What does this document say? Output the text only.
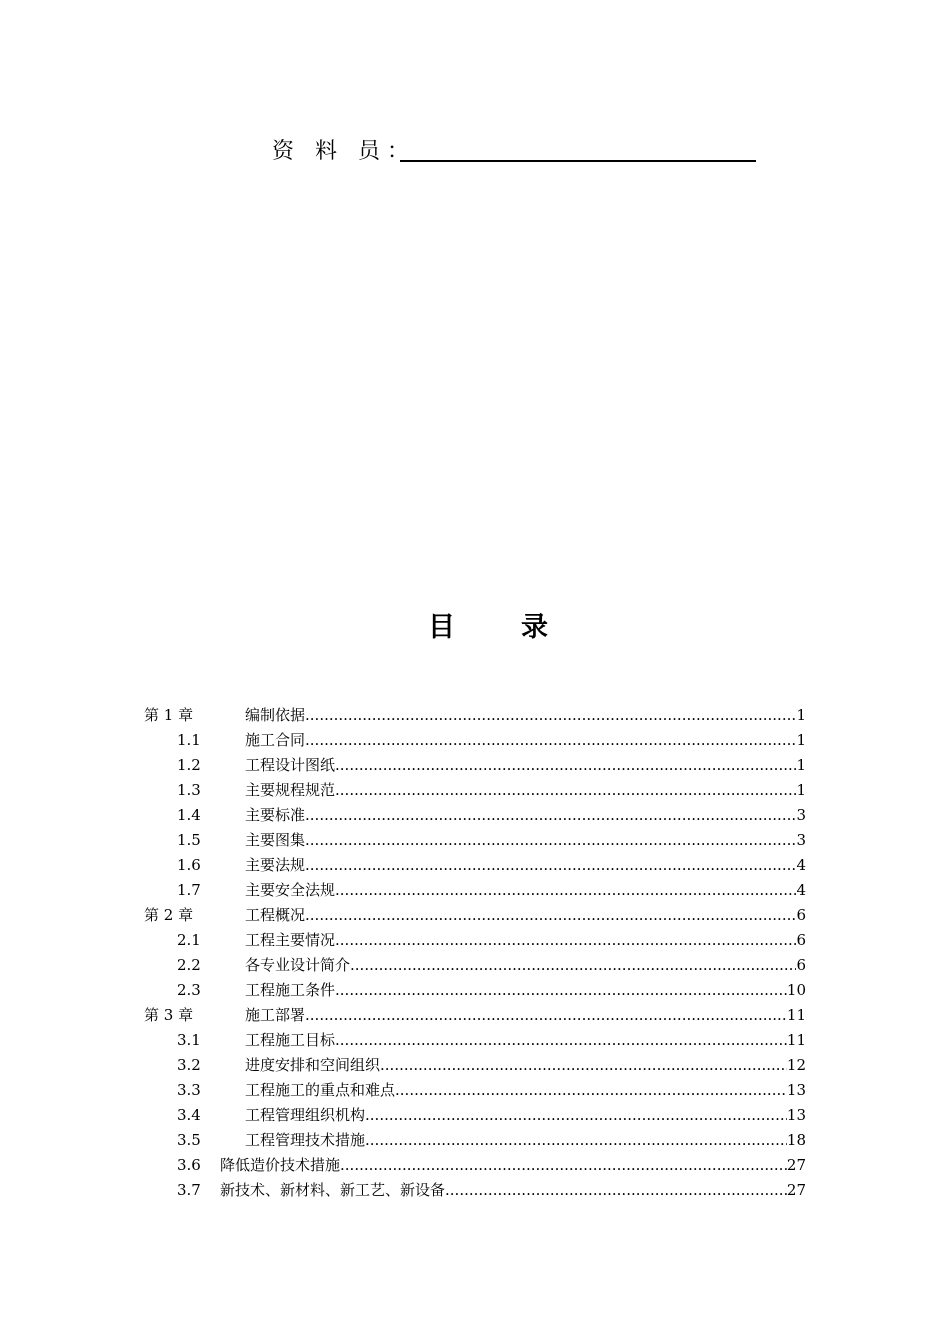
资 料 员：
目 录
第 1 章	编制依据 .....	1
1.1	施工合同 .....	1
1.2	工程设计图纸 .....	1
1.3	主要规程规范 .....	1
1.4	主要标准 .....	3
1.5	主要图集 .....	3
1.6	主要法规 .....	4
1.7	主要安全法规 .....	4
第 2 章	工程概况 .....	6
2.1	工程主要情况 .....	6
2.2	各专业设计简介 .....	6
2.3	工程施工条件 .....	10
第 3 章	施工部署 .....	11
3.1	工程施工目标 .....	11
3.2	进度安排和空间组织 .....	12
3.3	工程施工的重点和难点 .....	13
3.4	工程管理组织机构 .....	13
3.5	工程管理技术措施 .....	18
3.6	降低造价技术措施 .....	27
3.7	新技术、新材料、新工艺、新设备 .....	27
